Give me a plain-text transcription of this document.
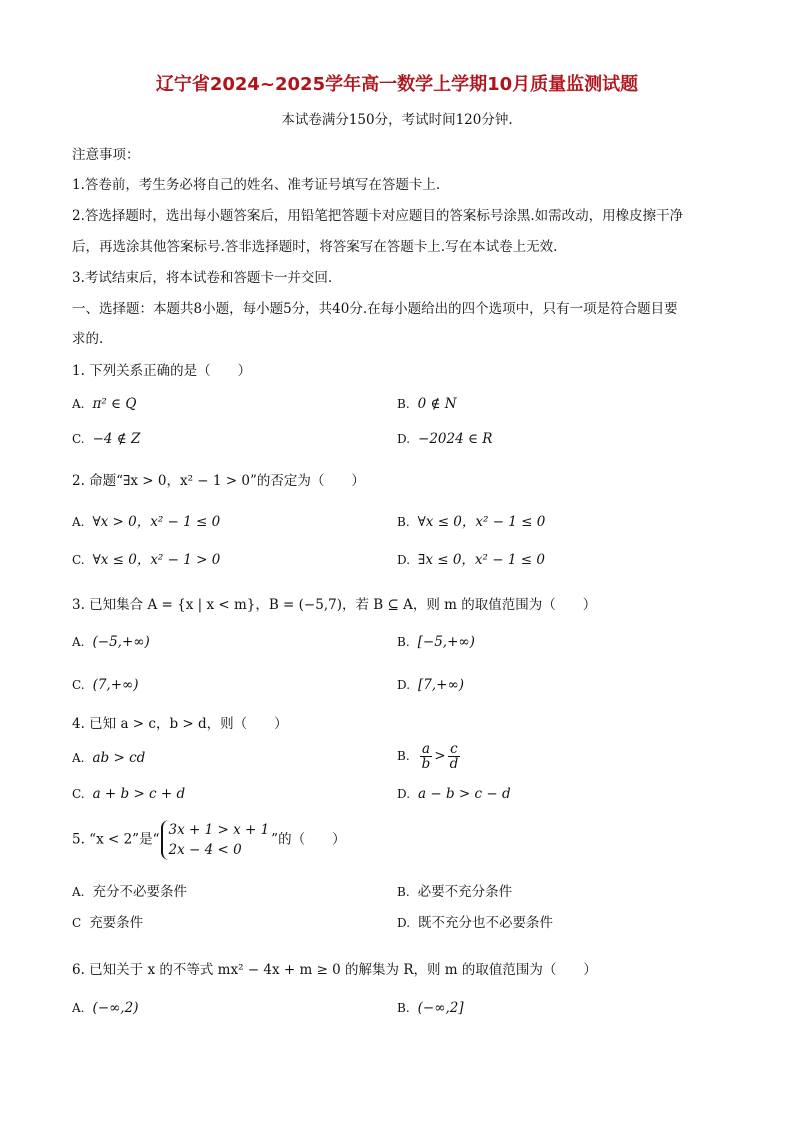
辽宁省2024~2025学年高一数学上学期10月质量监测试题
本试卷满分150分，考试时间120分钟.
注意事项：
1.答卷前，考生务必将自己的姓名、准考证号填写在答题卡上.
2.答选择题时，选出每小题答案后，用铅笔把答题卡对应题目的答案标号涂黑.如需改动，用橡皮擦干净
后，再选涂其他答案标号.答非选择题时，将答案写在答题卡上.写在本试卷上无效.
3.考试结束后，将本试卷和答题卡一并交回.
一、选择题：本题共8小题，每小题5分，共40分.在每小题给出的四个选项中，只有一项是符合题目要
求的.
1. 下列关系正确的是（　　）
A. π² ∈ Q	B. 0 ∉ N
C. −4 ∉ Z	D. −2024 ∈ R
2. 命题“∃x > 0，x² − 1 > 0”的否定为（　　）
A. ∀x > 0，x² − 1 ≤ 0	B. ∀x ≤ 0，x² − 1 ≤ 0
C. ∀x ≤ 0，x² − 1 > 0	D. ∃x ≤ 0，x² − 1 ≤ 0
3. 已知集合 A = {x | x < m}，B = (−5,7)，若 B ⊆ A，则 m 的取值范围为（　　）
A. (−5,+∞)	B. [−5,+∞)
C. (7,+∞)	D. [7,+∞)
4. 已知 a > c，b > d，则（　　）
A. ab > cd	B. $\frac{a}{b} > \frac{c}{d}$
C. a + b > c + d	D. a − b > c − d
5. “x < 2”是“
3x + 1 > x + 1
2x − 4 < 0
”的（　　）
A. 充分不必要条件	B. 必要不充分条件
C 充要条件	D. 既不充分也不必要条件
6. 已知关于 x 的不等式 mx² − 4x + m ≥ 0 的解集为 R，则 m 的取值范围为（　　）
A. (−∞,2)	B. (−∞,2]
